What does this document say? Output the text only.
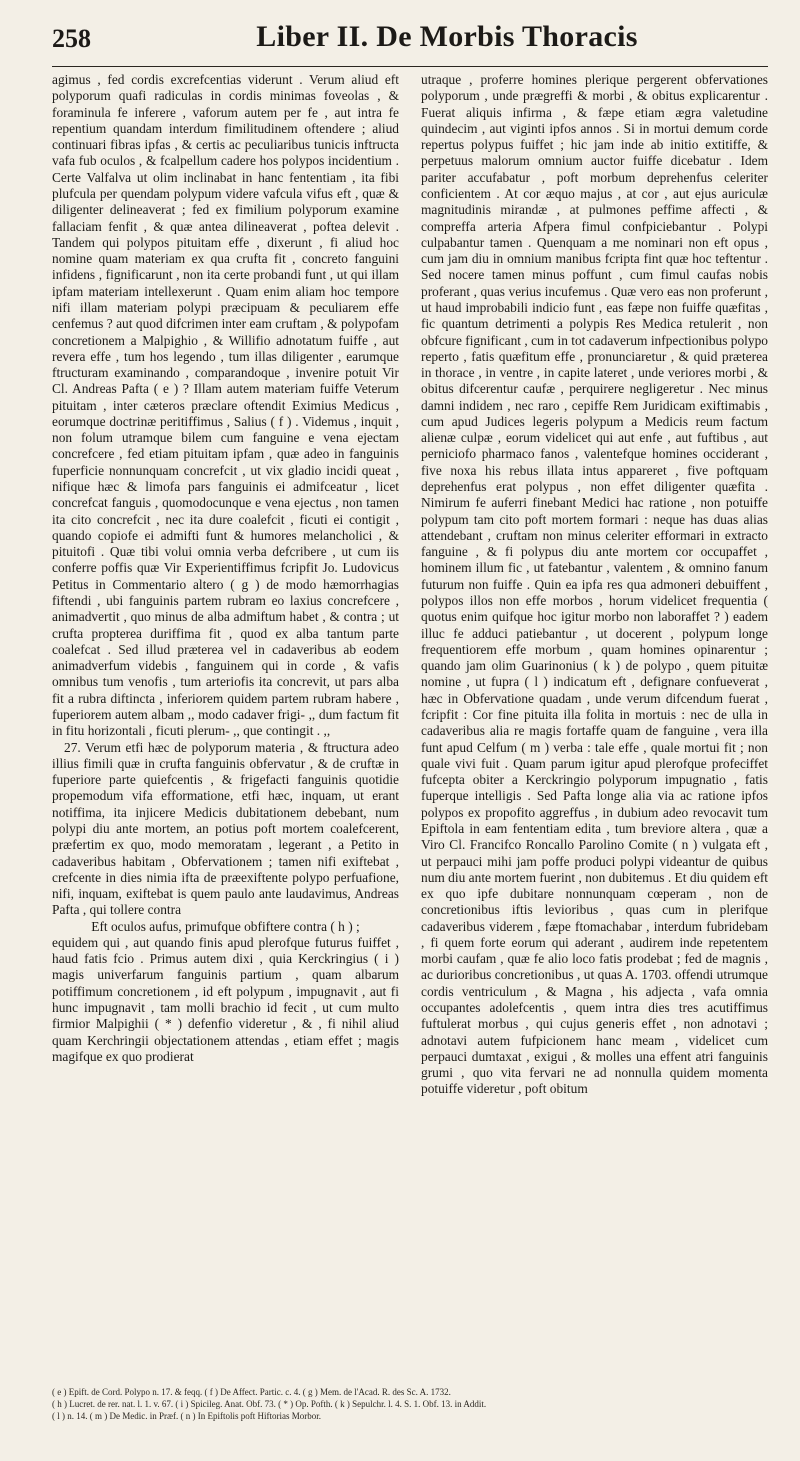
258	Liber II. De Morbis Thoracis

agimus , fed cordis excrefcentias viderunt . Verum aliud eft polyporum quafi radiculas in cordis minimas foveolas , & foraminula fe inferere , vaforum autem per fe , aut intra fe repentium quandam interdum fimilitudinem oftendere ; aliud continuari fibras ipfas , & certis ac peculiaribus tunicis inftructa vafa fub oculos , & fcalpellum cadere hos polypos incidentium . Certe Valfalva ut olim inclinabat in hanc fententiam , ita fibi plufcula per quendam polypum videre vafcula vifus eft , quæ & diligenter delineaverat ; fed ex fimilium polyporum examine fallaciam fenfit , & quæ antea dilineaverat , poftea delevit . Tandem qui polypos pituitam effe , dixerunt , fi aliud hoc nomine quam materiam ex qua crufta fit , concreto fanguini infidens , fignificarunt , non ita certe probandi funt , ut qui illam ipfam materiam intellexerunt . Quam enim aliam hoc tempore nifi illam materiam polypi præcipuam & peculiarem effe cenfemus ? aut quod difcrimen inter eam cruftam , & polypofam concretionem a Malpighio , & Willifio adnotatum fuiffe , aut revera effe , tum hos legendo , tum illas diligenter , earumque ftructuram examinando , comparandoque , invenire potuit Vir Cl. Andreas Pafta ( e ) ? Illam autem materiam fuiffe Veterum pituitam , inter cæteros præclare oftendit Eximius Medicus , eorumque doctrinæ peritiffimus , Salius ( f ) . Videmus , inquit , non folum utramque bilem cum fanguine e vena ejectam concrefcere , fed etiam pituitam ipfam , quæ adeo in fanguinis fuperficie nonnunquam concrefcit , ut vix gladio incidi queat , nifique hæc & limofa pars fanguinis ei admifceatur , licet concrefcat fanguis , quomodocunque e vena ejectus , non tamen ita cito concrefcit , nec ita dure coalefcit , ficuti ei contigit , quando copiofe ei admifti funt & humores melancholici , & pituitofi . Quæ tibi volui omnia verba defcribere , ut cum iis conferre poffis quæ Vir Experientiffimus fcripfit Jo. Ludovicus Petitus in Commentario altero ( g ) de modo hæmorrhagias fiftendi , ubi fanguinis partem rubram eo laxius concrefcere , animadvertit , quo minus de alba admiftum habet , & contra ; ut crufta propterea duriffima fit , quod ex alba tantum parte coalefcat . Sed illud præterea vel in cadaveribus ab eodem animadverfum videbis , fanguinem qui in corde , & vafis omnibus tum venofis , tum arteriofis ita concrevit, ut pars alba fit a rubra diftincta , inferiorem quidem partem rubram habere , fuperiorem autem albam ,, modo cadaver frigi- ,, dum factum fit in fitu horizontali , ficuti plerum- ,, que contingit . ,,

27. Verum etfi hæc de polyporum materia , & ftructura adeo illius fimili quæ in crufta fanguinis obfervatur , & de cruftæ in fuperiore parte quiefcentis , & frigefacti fanguinis quotidie propemodum vifa efformatione, etfi hæc, inquam, ut erant notiffima, ita injicere Medicis dubitationem debebant, num polypi diu ante mortem, an potius poft mortem coalefcerent, præfertim ex quo, modo memoratam , legerant , a Petito in cadaveribus habitam , Obfervationem ; tamen nifi exiftebat , crefcente in dies nimia ifta de præexiftente polypo perfuafione, nifi, inquam, exiftebat is quem paulo ante laudavimus, Andreas Pafta , qui tollere contra

Eft oculos aufus, primufque obfiftere contra ( h ) ;

equidem qui , aut quando finis apud plerofque futurus fuiffet , haud fatis fcio . Primus autem dixi , quia Kerckringius ( i ) magis univerfarum fanguinis partium , quam albarum potiffimum concretionem , id eft polypum , impugnavit , aut fi hunc impugnavit , tam molli brachio id fecit , ut cum multo firmior Malpighii ( * ) defenfio videretur , & , fi nihil aliud quam Kerchringii objectationem attendas , etiam effet ; magis magifque ex quo prodierat

utraque , proferre homines plerique pergerent obfervationes polyporum , unde prægreffi & morbi , & obitus explicarentur . Fuerat aliquis infirma , & fæpe etiam ægra valetudine quindecim , aut viginti ipfos annos . Si in mortui demum corde repertus polypus fuiffet ; hic jam inde ab initio extitiffe, & perpetuus malorum omnium auctor fuiffe dicebatur . Idem pariter accufabatur , poft morbum deprehenfus celeriter conficientem . At cor æquo majus , at cor , aut ejus auriculæ magnitudinis mirandæ , at pulmones peffime affecti , & compreffa arteria Afpera fimul confpiciebantur . Polypi culpabantur tamen . Quenquam a me nominari non eft opus , cum jam diu in omnium manibus fcripta fint quæ hoc teftentur . Sed nocere tamen minus poffunt , cum fimul caufas nobis proferant , quas verius incufemus . Quæ vero eas non proferunt , ut haud improbabili indicio funt , eas fæpe non fuiffe quæfitas , fic quantum detrimenti a polypis Res Medica retulerit , non obfcure fignificant , cum in tot cadaverum infpectionibus polypo reperto , fatis quæfitum effe , pronunciaretur , & quid præterea in thorace , in ventre , in capite lateret , unde veriores morbi , & obitus difcerentur caufæ , perquirere negligeretur . Nec minus damni indidem , nec raro , cepiffe Rem Juridicam exiftimabis , cum apud Judices legeris polypum a Medicis reum factum alienæ culpæ , eorum videlicet qui aut enfe , aut fuftibus , aut perniciofo pharmaco fanos , valentefque homines occiderant , five noxa his rebus illata intus appareret , five poftquam deprehenfus erat polypus , non effet diligenter quæfita . Nimirum fe auferri finebant Medici hac ratione , non potuiffe polypum tam cito poft mortem formari : neque has duas alias attendebant , cruftam non minus celeriter efformari in extracto fanguine , & fi polypus diu ante mortem cor occupaffet , hominem illum fic , ut fatebantur , valentem , & omnino fanum futurum non fuiffe . Quin ea ipfa res qua admoneri debuiffent , polypos illos non effe morbos , horum videlicet frequentia ( quotus enim quifque hoc igitur morbo non laboraffet ? ) eadem illuc fe adduci patiebantur , ut docerent , polypum longe frequentiorem effe morbum , quam homines opinarentur ; quando jam olim Guarinonius ( k ) de polypo , quem pituitæ nomine , ut fupra ( l ) indicatum eft , defignare confueverat , hæc in Obfervatione quadam , unde verum difcendum fuerat , fcripfit : Cor fine pituita illa folita in mortuis : nec de ulla in cadaveribus alia re magis fortaffe quam de fanguine , vera illa funt apud Celfum ( m ) verba : tale effe , quale mortui fit ; non quale vivi fuit . Quam parum igitur apud plerofque profeciffet fufcepta obiter a Kerckringio polyporum impugnatio , fatis fuperque intelligis . Sed Pafta longe alia via ac ratione ipfos polypos ex propofito aggreffus , in dubium adeo revocavit tum Epiftola in eam fententiam edita , tum breviore altera , quæ a Viro Cl. Francifco Roncallo Parolino Comite ( n ) vulgata eft , ut perpauci mihi jam poffe produci polypi videantur de quibus num diu ante mortem fuerint , non dubitemus . Et diu quidem eft ex quo ipfe dubitare nonnunquam cœperam , non de concretionibus iftis levioribus , quas cum in plerifque cadaveribus viderem , fæpe ftomachabar , interdum fubridebam , fi quem forte eorum qui aderant , audirem inde repetentem morbi caufam , quæ fe alio loco fatis prodebat ; fed de magnis , ac durioribus concretionibus , ut quas A. 1703. offendi utrumque cordis ventriculum , & Magna , his adjecta , vafa omnia occupantes adolefcentis , quem intra dies tres acutiffimus fuftulerat morbus , qui cujus generis effet , non adnotavi ; adnotavi autem fufpicionem hanc meam , videlicet cum perpauci dumtaxat , exigui , & molles una effent atri fanguinis grumi , quo vita fervari ne ad nonnulla quidem momenta potuiffe videretur , poft obitum

( e ) Epift. de Cord. Polypo n. 17. & feqq. ( f ) De Affect. Partic. c. 4. ( g ) Mem. de l'Acad. R. des Sc. A. 1732.
( h ) Lucret. de rer. nat. l. 1. v. 67. ( i ) Spicileg. Anat. Obf. 73. ( * ) Op. Pofth. ( k ) Sepulchr. l. 4. S. 1. Obf. 13. in Addit.
( l ) n. 14. ( m ) De Medic. in Præf. ( n ) In Epiftolis poft Hiftorias Morbor.
